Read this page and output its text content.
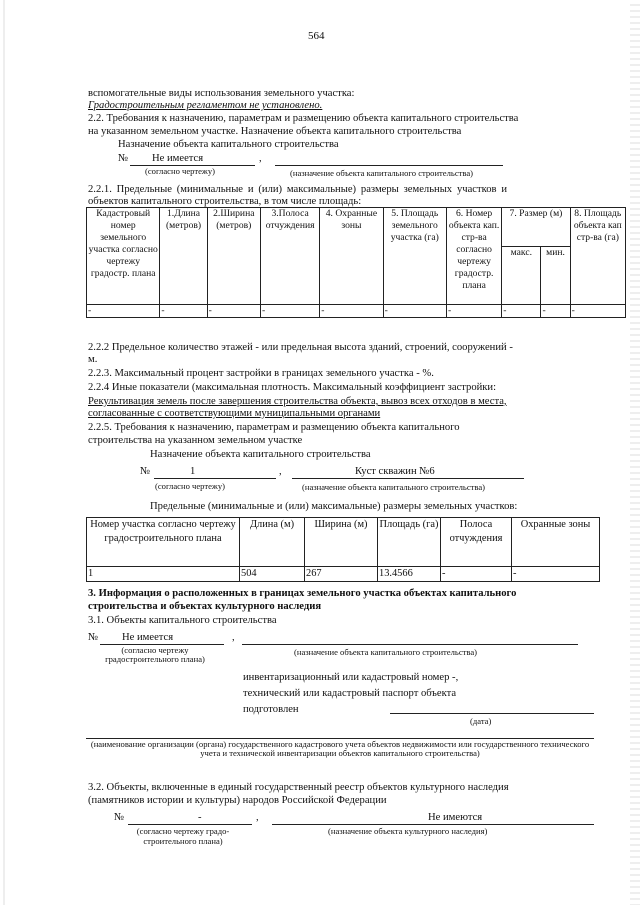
564
вспомогательные виды использования земельного участка:
Градостроительным регламентом не установлено.
2.2. Требования к назначению, параметрам и размещению объекта капитального строительства
на указанном земельном участке. Назначение объекта капитального строительства
Назначение объекта капитального строительства
№ Не имеется	,
(согласно чертежу)	(назначение объекта капитального строительства)
2.2.1. Предельные (минимальные и (или) максимальные) размеры земельных участков и
объектов капитального строительства, в том числе площадь:
Кадастровый номер земельного участка согласно чертежу градостр. плана	1.Длина (метров)	2.Ширина (метров)	3.Полоса отчуждения	4. Охранные зоны	5. Площадь земельного участка (га)	6. Номер объекта кап. стр-ва согласно чертежу градостр. плана	7. Размер (м)		8. Площадь объекта кап стр-ва (га)
							макс.	мин.	
-	-	-	-	-	-	-	-	-	-
2.2.2 Предельное количество этажей - или предельная высота зданий, строений, сооружений -
м.
2.2.3. Максимальный процент застройки в границах земельного участка - %.
2.2.4 Иные показатели (максимальная плотность. Максимальный коэффициент застройки:
Рекультивация земель после завершения строительства объекта, вывоз всех отходов в места,
согласованные с соответствующими муниципальными органами
2.2.5. Требования к назначению, параметрам и размещению объекта капитального
строительства на указанном земельном участке
Назначение объекта капитального строительства
№	1	,	Куст скважин №6
(согласно чертежу)	(назначение объекта капитального строительства)
Предельные (минимальные и (или) максимальные) размеры земельных участков:
Номер участка согласно чертежу градостроительного плана	Длина (м)	Ширина (м)	Площадь (га)	Полоса отчуждения	Охранные зоны
1	504	267	13.4566	-	-
3. Информация о расположенных в границах земельного участка объектах капитального
строительства и объектах культурного наследия
3.1. Объекты капитального строительства
№ Не имеется	,
(согласно чертежу градостроительного плана)
(назначение объекта капитального строительства)
инвентаризационный или кадастровый номер -,
технический или кадастровый паспорт объекта
подготовлен
(дата)
(наименование организации (органа) государственного кадастрового учета объектов недвижимости или государственного технического учета и технической инвентаризации объектов капитального строительства)
3.2. Объекты, включенные в единый государственный реестр объектов культурного наследия
(памятников истории и культуры) народов Российской Федерации
№	-	,	Не имеются
(согласно чертежу градо-строительного плана)
(назначение объекта культурного наследия)
